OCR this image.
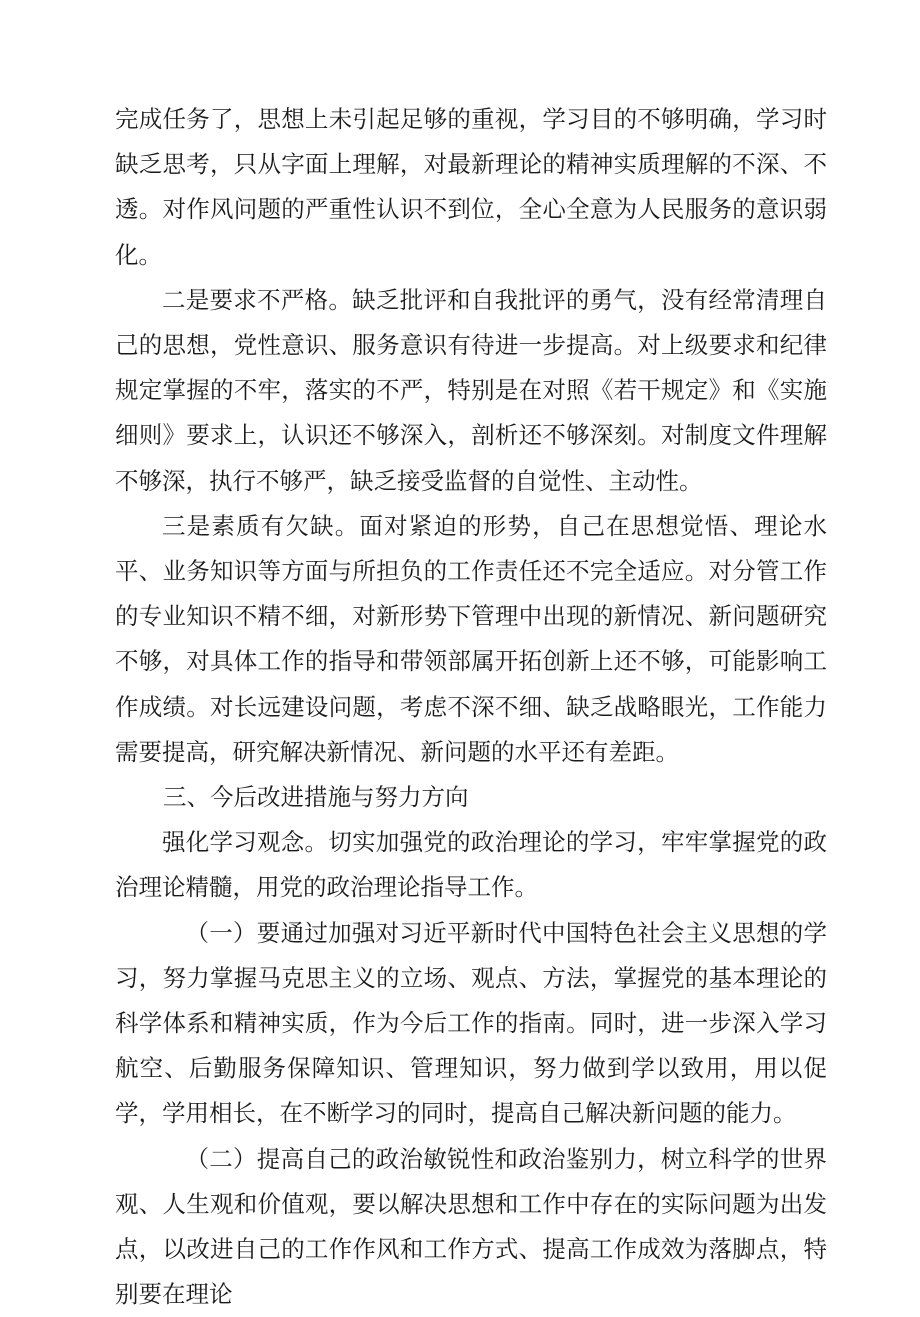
完成任务了，思想上未引起足够的重视，学习目的不够明确，学习时缺乏思考，只从字面上理解，对最新理论的精神实质理解的不深、不透。对作风问题的严重性认识不到位，全心全意为人民服务的意识弱化。

二是要求不严格。缺乏批评和自我批评的勇气，没有经常清理自己的思想，党性意识、服务意识有待进一步提高。对上级要求和纪律规定掌握的不牢，落实的不严，特别是在对照《若干规定》和《实施细则》要求上，认识还不够深入，剖析还不够深刻。对制度文件理解不够深，执行不够严，缺乏接受监督的自觉性、主动性。

三是素质有欠缺。面对紧迫的形势，自己在思想觉悟、理论水平、业务知识等方面与所担负的工作责任还不完全适应。对分管工作的专业知识不精不细，对新形势下管理中出现的新情况、新问题研究不够，对具体工作的指导和带领部属开拓创新上还不够，可能影响工作成绩。对长远建设问题，考虑不深不细、缺乏战略眼光，工作能力需要提高，研究解决新情况、新问题的水平还有差距。

三、今后改进措施与努力方向

强化学习观念。切实加强党的政治理论的学习，牢牢掌握党的政治理论精髓，用党的政治理论指导工作。

（一）要通过加强对习近平新时代中国特色社会主义思想的学习，努力掌握马克思主义的立场、观点、方法，掌握党的基本理论的科学体系和精神实质，作为今后工作的指南。同时，进一步深入学习航空、后勤服务保障知识、管理知识，努力做到学以致用，用以促学，学用相长，在不断学习的同时，提高自己解决新问题的能力。

（二）提高自己的政治敏锐性和政治鉴别力，树立科学的世界观、人生观和价值观，要以解决思想和工作中存在的实际问题为出发点，以改进自己的工作作风和工作方式、提高工作成效为落脚点，特别要在理论
